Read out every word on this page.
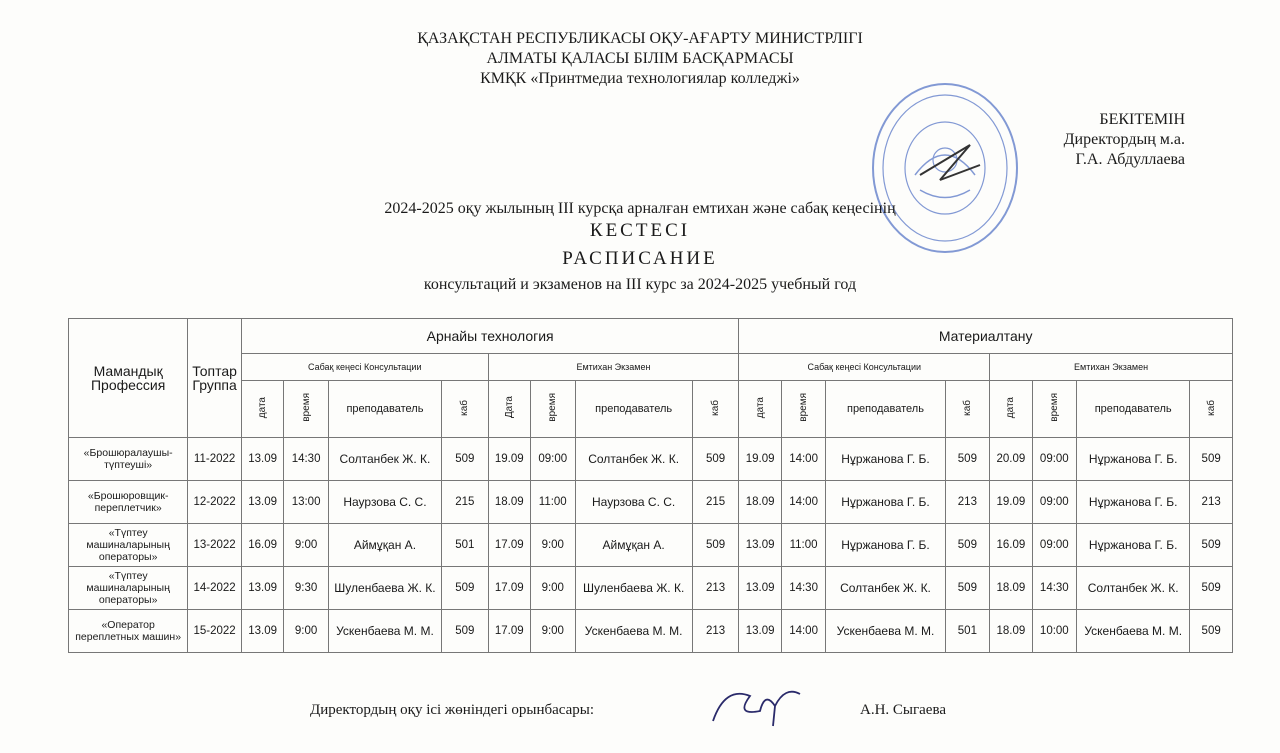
ҚАЗАҚСТАН РЕСПУБЛИКАСЫ ОҚУ-АҒАРТУ МИНИСТРЛІГІ
АЛМАТЫ ҚАЛАСЫ БІЛІМ БАСҚАРМАСЫ
КМҚК «Принтмедиа технологиялар колледжі»
БЕКІТЕМІН
Директордың м.а.
Г.А. Абдуллаева
2024-2025 оқу жылының III курсқа арналған емтихан және сабақ кеңесінің
КЕСТЕСІ
РАСПИСАНИЕ
консультаций и экзаменов на III курс за 2024-2025 учебный год
Мамандық Профессия	Топтар Группа	Арнайы технология								Материалтану							
		Сабақ кеңесі Консультации				Емтихан Экзамен				Сабақ кеңесі Консультации				Емтихан Экзамен			
		дата	время	преподаватель	каб	Дата	время	преподаватель	каб	дата	время	преподаватель	каб	дата	время	преподаватель	каб
«Брошюралаушы-түптеуші»	11-2022	13.09	14:30	Солтанбек Ж. К.	509	19.09	09:00	Солтанбек Ж. К.	509	19.09	14:00	Нұржанова Г. Б.	509	20.09	09:00	Нұржанова Г. Б.	509
«Брошюровщик-переплетчик»	12-2022	13.09	13:00	Наурзова С. С.	215	18.09	11:00	Наурзова С. С.	215	18.09	14:00	Нұржанова Г. Б.	213	19.09	09:00	Нұржанова Г. Б.	213
«Түптеу машиналарының операторы»	13-2022	16.09	9:00	Аймұқан А.	501	17.09	9:00	Аймұқан А.	509	13.09	11:00	Нұржанова Г. Б.	509	16.09	09:00	Нұржанова Г. Б.	509
«Түптеу машиналарының операторы»	14-2022	13.09	9:30	Шуленбаева Ж. К.	509	17.09	9:00	Шуленбаева Ж. К.	213	13.09	14:30	Солтанбек Ж. К.	509	18.09	14:30	Солтанбек Ж. К.	509
«Оператор переплетных машин»	15-2022	13.09	9:00	Ускенбаева М. М.	509	17.09	9:00	Ускенбаева М. М.	213	13.09	14:00	Ускенбаева М. М.	501	18.09	10:00	Ускенбаева М. М.	509
Директордың оқу ісі жөніндегі орынбасары:	А.Н. Сыгаева
